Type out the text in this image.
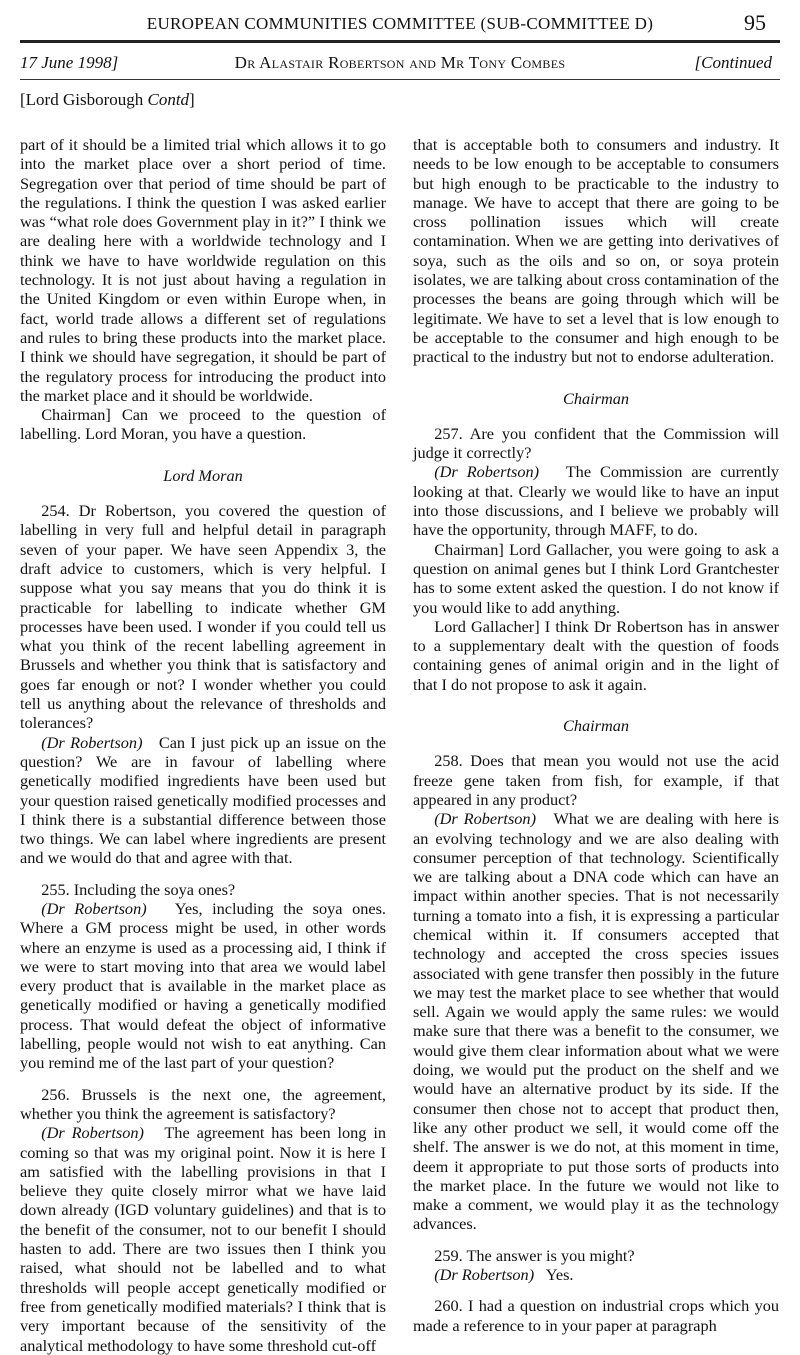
EUROPEAN COMMUNITIES COMMITTEE (SUB-COMMITTEE D)	95
17 June 1998]	Dr Alastair Robertson and Mr Tony Combes	[Continued
[Lord Gisborough Contd]

part of it should be a limited trial which allows it to go into the market place over a short period of time. Segregation over that period of time should be part of the regulations. I think the question I was asked earlier was “what role does Government play in it?” I think we are dealing here with a worldwide technology and I think we have to have worldwide regulation on this technology. It is not just about having a regulation in the United Kingdom or even within Europe when, in fact, world trade allows a different set of regulations and rules to bring these products into the market place. I think we should have segregation, it should be part of the regulatory process for introducing the product into the market place and it should be worldwide.

Chairman] Can we proceed to the question of labelling. Lord Moran, you have a question.

Lord Moran

254. Dr Robertson, you covered the question of labelling in very full and helpful detail in paragraph seven of your paper. We have seen Appendix 3, the draft advice to customers, which is very helpful. I suppose what you say means that you do think it is practicable for labelling to indicate whether GM processes have been used. I wonder if you could tell us what you think of the recent labelling agreement in Brussels and whether you think that is satisfactory and goes far enough or not? I wonder whether you could tell us anything about the relevance of thresholds and tolerances?

(Dr Robertson) Can I just pick up an issue on the question? We are in favour of labelling where genetically modified ingredients have been used but your question raised genetically modified processes and I think there is a substantial difference between those two things. We can label where ingredients are present and we would do that and agree with that.

255. Including the soya ones?

(Dr Robertson) Yes, including the soya ones. Where a GM process might be used, in other words where an enzyme is used as a processing aid, I think if we were to start moving into that area we would label every product that is available in the market place as genetically modified or having a genetically modified process. That would defeat the object of informative labelling, people would not wish to eat anything. Can you remind me of the last part of your question?

256. Brussels is the next one, the agreement, whether you think the agreement is satisfactory?

(Dr Robertson) The agreement has been long in coming so that was my original point. Now it is here I am satisfied with the labelling provisions in that I believe they quite closely mirror what we have laid down already (IGD voluntary guidelines) and that is to the benefit of the consumer, not to our benefit I should hasten to add. There are two issues then I think you raised, what should not be labelled and to what thresholds will people accept genetically modified or free from genetically modified materials? I think that is very important because of the sensitivity of the analytical methodology to have some threshold cut-off

that is acceptable both to consumers and industry. It needs to be low enough to be acceptable to consumers but high enough to be practicable to the industry to manage. We have to accept that there are going to be cross pollination issues which will create contamination. When we are getting into derivatives of soya, such as the oils and so on, or soya protein isolates, we are talking about cross contamination of the processes the beans are going through which will be legitimate. We have to set a level that is low enough to be acceptable to the consumer and high enough to be practical to the industry but not to endorse adulteration.

Chairman

257. Are you confident that the Commission will judge it correctly?

(Dr Robertson) The Commission are currently looking at that. Clearly we would like to have an input into those discussions, and I believe we probably will have the opportunity, through MAFF, to do.

Chairman] Lord Gallacher, you were going to ask a question on animal genes but I think Lord Grantchester has to some extent asked the question. I do not know if you would like to add anything.

Lord Gallacher] I think Dr Robertson has in answer to a supplementary dealt with the question of foods containing genes of animal origin and in the light of that I do not propose to ask it again.

Chairman

258. Does that mean you would not use the acid freeze gene taken from fish, for example, if that appeared in any product?

(Dr Robertson) What we are dealing with here is an evolving technology and we are also dealing with consumer perception of that technology. Scientifically we are talking about a DNA code which can have an impact within another species. That is not necessarily turning a tomato into a fish, it is expressing a particular chemical within it. If consumers accepted that technology and accepted the cross species issues associated with gene transfer then possibly in the future we may test the market place to see whether that would sell. Again we would apply the same rules: we would make sure that there was a benefit to the consumer, we would give them clear information about what we were doing, we would put the product on the shelf and we would have an alternative product by its side. If the consumer then chose not to accept that product then, like any other product we sell, it would come off the shelf. The answer is we do not, at this moment in time, deem it appropriate to put those sorts of products into the market place. In the future we would not like to make a comment, we would play it as the technology advances.

259. The answer is you might?

(Dr Robertson) Yes.

260. I had a question on industrial crops which you made a reference to in your paper at paragraph
